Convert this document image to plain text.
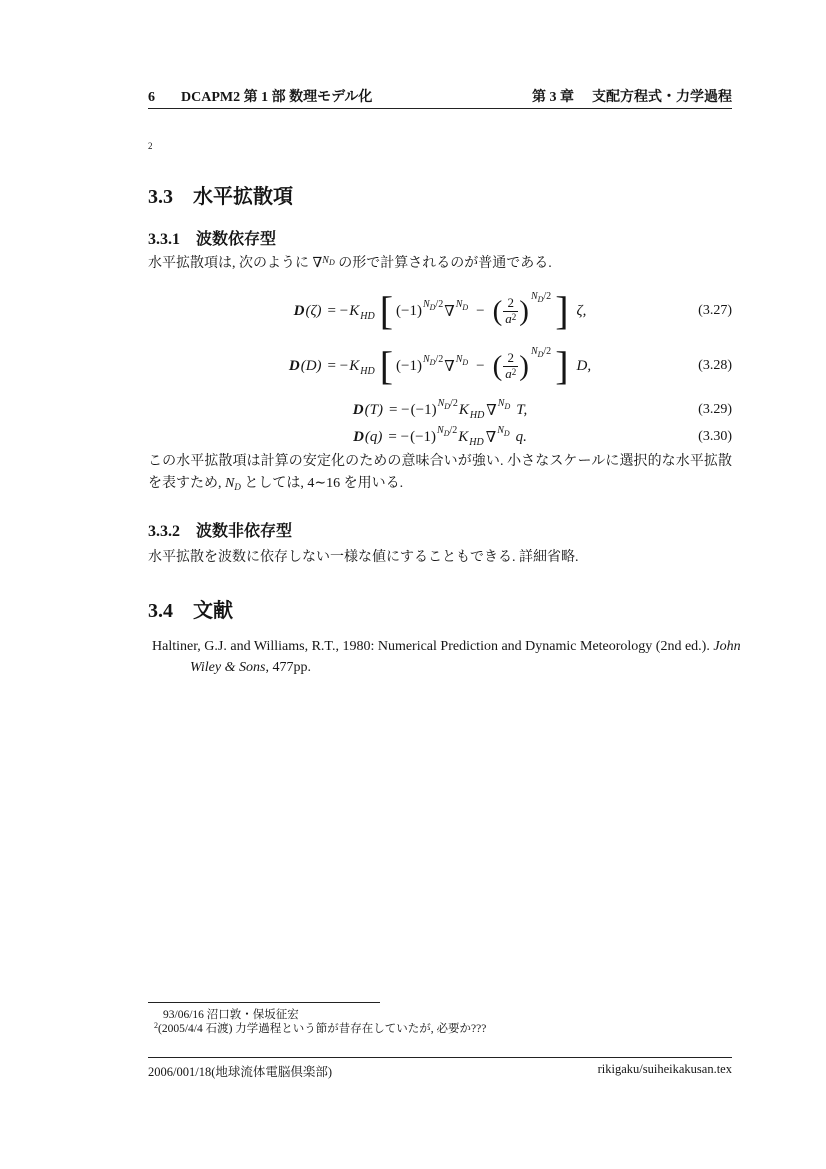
6 DCAPM2 第 1 部 数理モデル化	第 3 章 支配方程式・力学過程
2
3.3 水平拡散項
3.3.1 波数依存型

水平拡散項は, 次のように ∇$^{N_D}$ の形で計算されるのが普通である.

D (ζ) = − K HD [ (−1) N D /2 ∇ N D − ( $\frac{2}{a^2}$ ) N D /2 ] ζ,	(3.27)
D (D) = − K HD [ (−1) N D /2 ∇ N D − ( $\frac{2}{a^2}$ ) N D /2 ] D,	(3.28)
D (T) = − (−1) N D /2 K HD ∇ N D T,	(3.29)
D (q) = − (−1) N D /2 K HD ∇ N D q.	(3.30)

この水平拡散項は計算の安定化のための意味合いが強い. 小さなスケールに選択的な水平拡散を表すため, $N_D$ としては, 4∼16 を用いる.

3.3.2 波数非依存型

水平拡散を波数に依存しない一様な値にすることもできる. 詳細省略.

3.4 文献

Haltiner, G.J. and Williams, R.T., 1980: Numerical Prediction and Dynamic Meteorology (2nd ed.). John Wiley & Sons, 477pp.

93/06/16 沼口敦・保坂征宏
$^2$(2005/4/4 石渡) 力学過程という節が昔存在していたが, 必要か???
2006/001/18(地球流体電脳倶楽部)	rikigaku/suiheikakusan.tex
